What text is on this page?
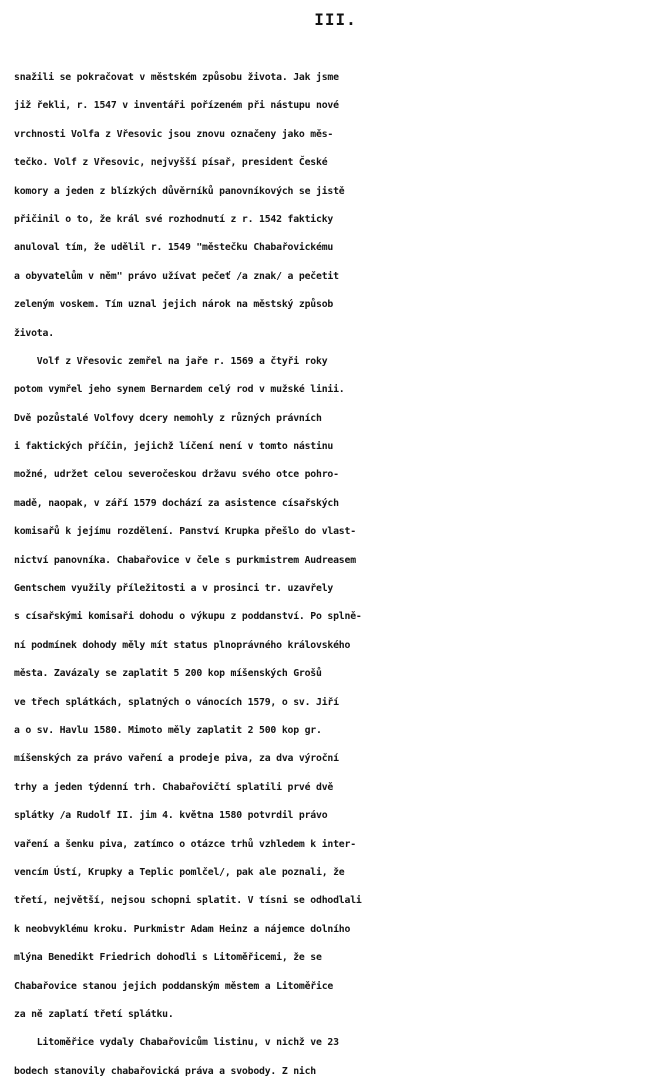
III.
snažili se pokračovat v městském způsobu života. Jak jsme
již řekli, r. 1547 v inventáři pořízeném při nástupu nové
vrchnosti Volfa z Vřesovic jsou znovu označeny jako měs-
tečko. Volf z Vřesovic, nejvyšší písař, president České
komory a jeden z blízkých důvěrníků panovníkových se jistě
přičinil o to, že král své rozhodnutí z r. 1542 fakticky
anuloval tím, že udělil r. 1549 "městečku Chabařovickému
a obyvatelům v něm" právo užívat pečeť /a znak/ a pečetit
zeleným voskem. Tím uznal jejich nárok na městský způsob
života.
Volf z Vřesovic zemřel na jaře r. 1569 a čtyři roky
potom vymřel jeho synem Bernardem celý rod v mužské linii.
Dvě pozůstalé Volfovy dcery nemohly z různých právních
i faktických příčin, jejichž líčení není v tomto nástinu
možné, udržet celou severočeskou državu svého otce pohro-
madě, naopak, v září 1579 dochází za asistence císařských
komisařů k jejímu rozdělení. Panství Krupka přešlo do vlast-
nictví panovníka. Chabařovice v čele s purkmistrem Audreasem
Gentschem využily příležitosti a v prosinci tr. uzavřely
s císařskými komisaři dohodu o výkupu z poddanství. Po splně-
ní podmínek dohody měly mít status plnoprávného královského
města. Zavázaly se zaplatit 5 200 kop míšenských Grošů
ve třech splátkách, splatných o vánocích 1579, o sv. Jiří
a o sv. Havlu 1580. Mimoto měly zaplatit 2 500 kop gr.
míšenských za právo vaření a prodeje piva, za dva výroční
trhy a jeden týdenní trh. Chabařovičtí splatili prvé dvě
splátky /a Rudolf II. jim 4. května 1580 potvrdil právo
vaření a šenku piva, zatímco o otázce trhů vzhledem k inter-
vencím Ústí, Krupky a Teplic pomlčel/, pak ale poznali, že
třetí, největší, nejsou schopni splatit. V tísni se odhodlali
k neobvyklému kroku. Purkmistr Adam Heinz a nájemce dolního
mlýna Benedikt Friedrich dohodli s Litoměřicemi, že se
Chabařovice stanou jejich poddanským městem a Litoměřice
za ně zaplatí třetí splátku.
Litoměřice vydaly Chabařovicům listinu, v nichž ve 23
bodech stanovily chabařovická práva a svobody. Z nich
